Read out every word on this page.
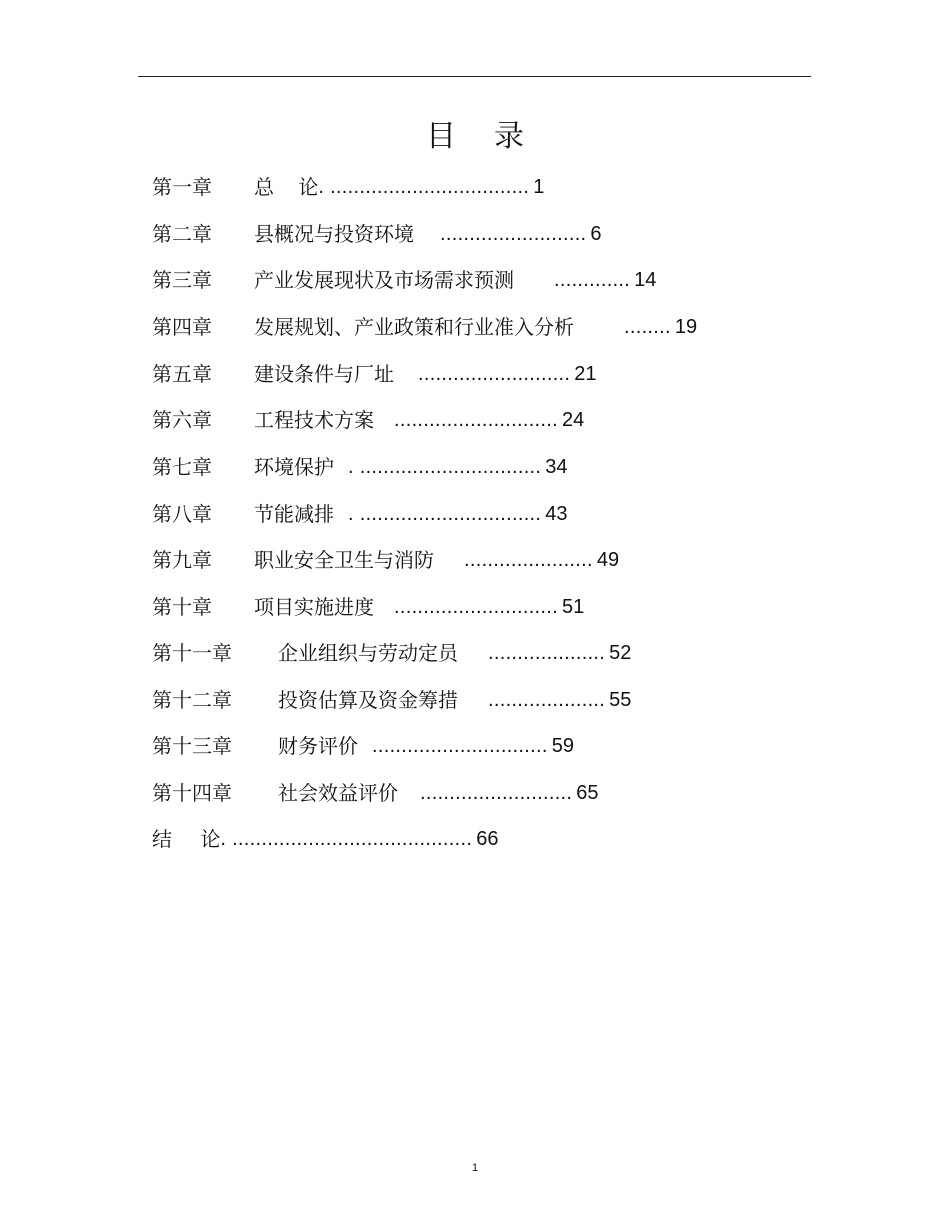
目 录
第一章 总 论. .................................. 1
第二章 县概况与投资环境 ......................... 6
第三章 产业发展现状及市场需求预测 ............. 14
第四章 发展规划、产业政策和行业准入分析	........ 19
第五章 建设条件与厂址 .......................... 21
第六章 工程技术方案 ............................ 24
第七章 环境保护 . ............................... 34
第八章 节能减排 . ............................... 43
第九章 职业安全卫生与消防 ...................... 49
第十章 项目实施进度 ............................ 51
第十一章 企业组织与劳动定员 .................... 52
第十二章 投资估算及资金筹措 .................... 55
第十三章 财务评价 .............................. 59
第十四章 社会效益评价 .......................... 65
结 论. ......................................... 66
1
